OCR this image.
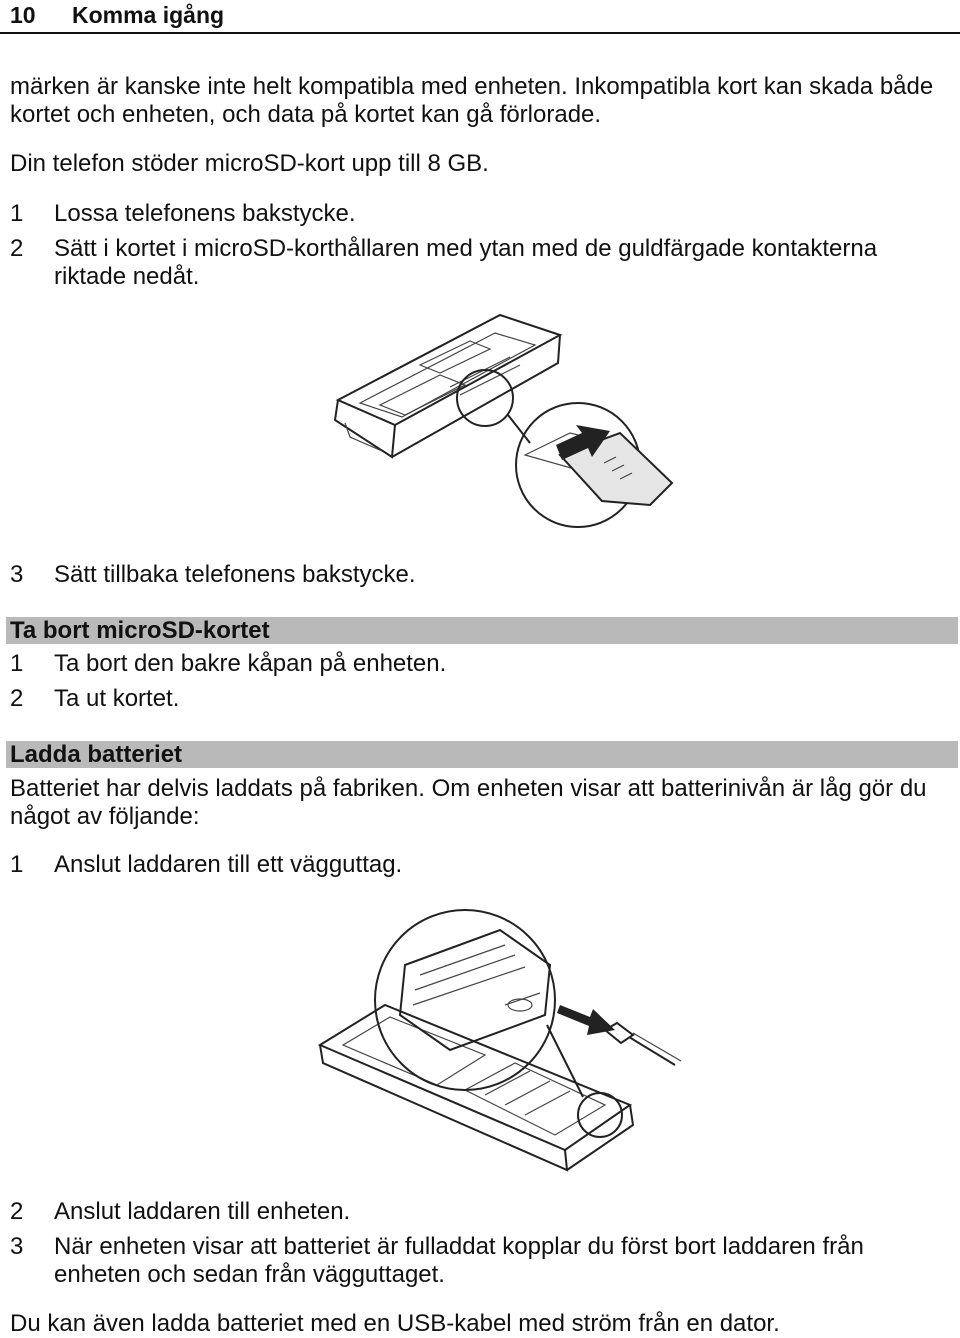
10 Komma igång
märken är kanske inte helt kompatibla med enheten. Inkompatibla kort kan skada både
kortet och enheten, och data på kortet kan gå förlorade.
Din telefon stöder microSD-kort upp till 8 GB.
1 Lossa telefonens bakstycke.
2 Sätt i kortet i microSD-korthållaren med ytan med de guldfärgade kontakterna
riktade nedåt.
3 Sätt tillbaka telefonens bakstycke.
Ta bort microSD-kortet
1 Ta bort den bakre kåpan på enheten.
2 Ta ut kortet.
Ladda batteriet
Batteriet har delvis laddats på fabriken. Om enheten visar att batterinivån är låg gör du
något av följande:
1 Anslut laddaren till ett vägguttag.
2 Anslut laddaren till enheten.
3 När enheten visar att batteriet är fulladdat kopplar du först bort laddaren från
enheten och sedan från vägguttaget.
Du kan även ladda batteriet med en USB-kabel med ström från en dator.
